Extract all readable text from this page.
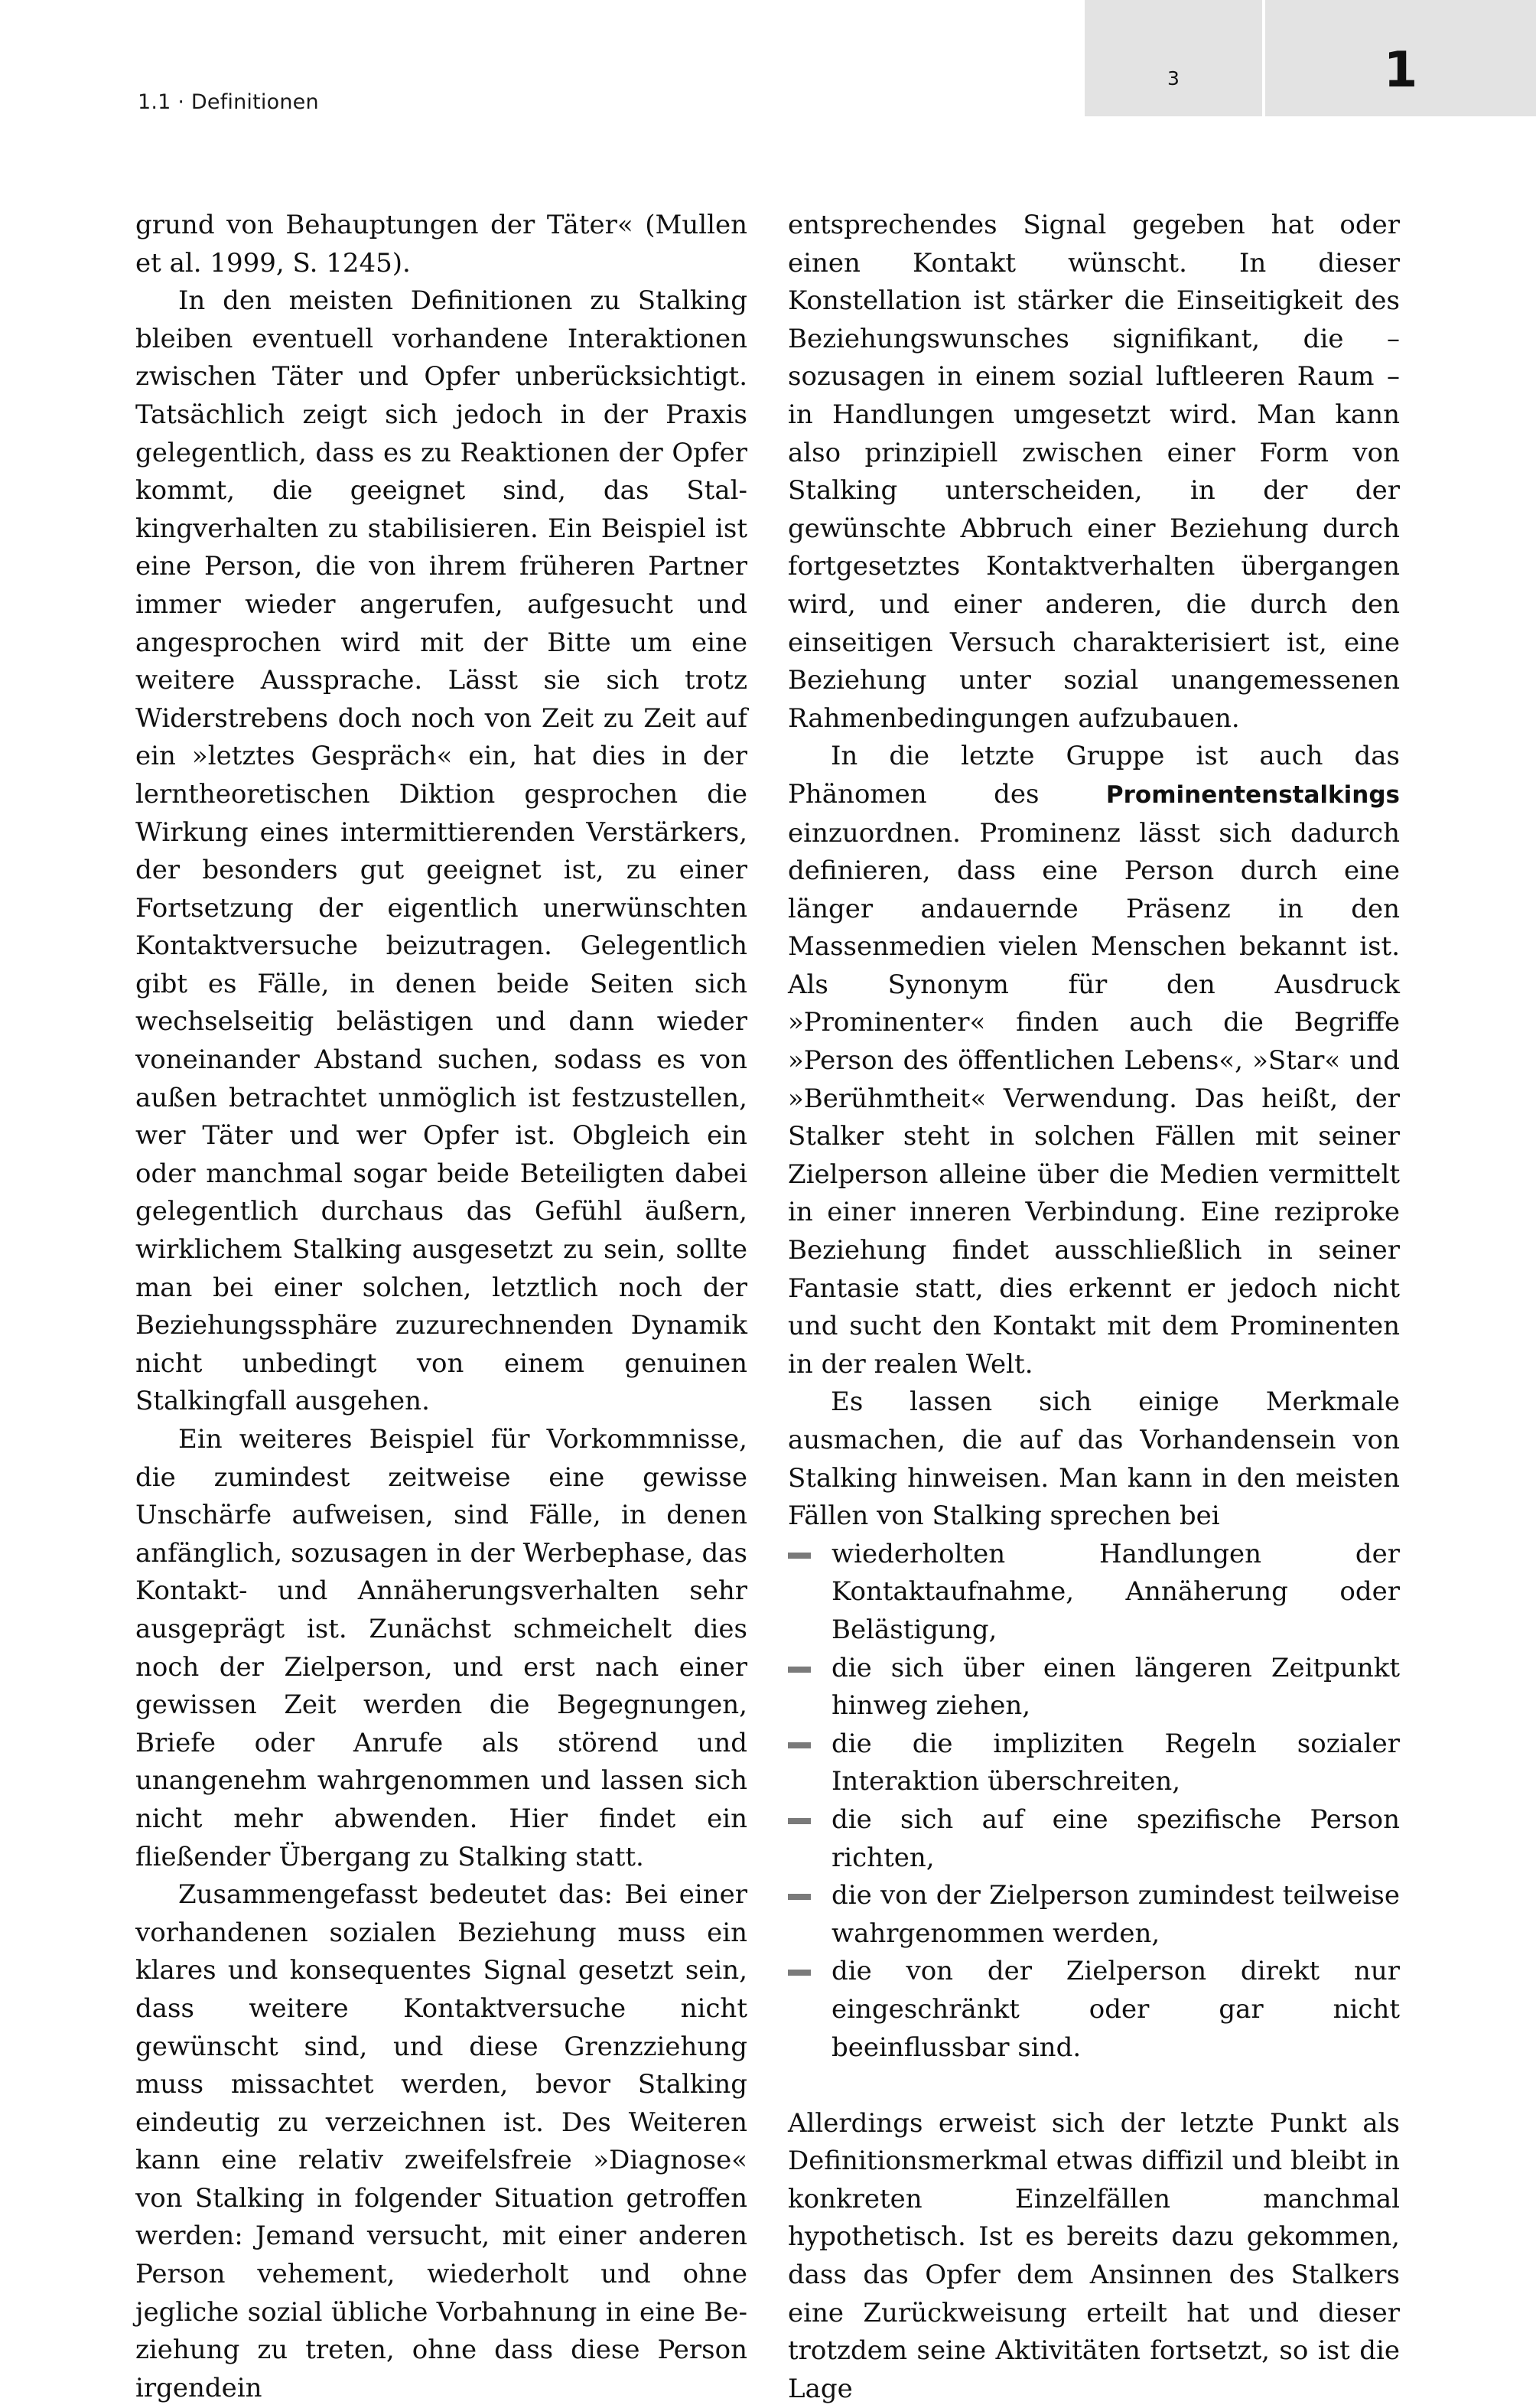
1.1 · Definitionen
3	1

grund von Behauptungen der Täter« (Mullen et al. 1999, S. 1245).

In den meisten Definitionen zu Stalking bleiben eventuell vorhandene Interaktionen zwischen Täter und Opfer unberücksichtigt. Tatsächlich zeigt sich jedoch in der Praxis gelegentlich, dass es zu Reaktionen der Opfer kommt, die geeignet sind, das Stalkingverhalten zu stabilisieren. Ein Beispiel ist eine Person, die von ihrem früheren Partner immer wieder angerufen, aufgesucht und angesprochen wird mit der Bitte um eine weitere Aussprache. Lässt sie sich trotz Widerstrebens doch noch von Zeit zu Zeit auf ein »letztes Gespräch« ein, hat dies in der lerntheoretischen Diktion gesprochen die Wirkung eines intermittierenden Verstärkers, der besonders gut geeignet ist, zu einer Fortsetzung der eigentlich unerwünschten Kontaktversuche beizutragen. Gelegentlich gibt es Fälle, in denen beide Seiten sich wechselseitig belästigen und dann wieder voneinander Abstand suchen, sodass es von außen betrachtet unmöglich ist festzustellen, wer Täter und wer Opfer ist. Obgleich ein oder manchmal sogar beide Beteiligten dabei gelegentlich durchaus das Gefühl äußern, wirklichem Stalking ausgesetzt zu sein, sollte man bei einer solchen, letztlich noch der Beziehungssphäre zuzurechnenden Dynamik nicht unbedingt von einem genuinen Stalkingfall ausgehen.

Ein weiteres Beispiel für Vorkommnisse, die zumindest zeitweise eine gewisse Unschärfe aufweisen, sind Fälle, in denen anfänglich, sozusagen in der Werbephase, das Kontakt- und Annäherungsverhalten sehr ausgeprägt ist. Zunächst schmeichelt dies noch der Zielperson, und erst nach einer gewissen Zeit werden die Begegnungen, Briefe oder Anrufe als störend und unangenehm wahrgenommen und lassen sich nicht mehr abwenden. Hier findet ein fließender Übergang zu Stalking statt.

Zusammengefasst bedeutet das: Bei einer vorhandenen sozialen Beziehung muss ein klares und konsequentes Signal gesetzt sein, dass weitere Kontaktversuche nicht gewünscht sind, und diese Grenzziehung muss missachtet werden, bevor Stalking eindeutig zu verzeichnen ist. Des Weiteren kann eine relativ zweifelsfreie »Diagnose« von Stalking in folgender Situation getroffen werden: Jemand versucht, mit einer anderen Person vehement, wiederholt und ohne jegliche sozial übliche Vorbahnung in eine Beziehung zu treten, ohne dass diese Person irgendein

entsprechendes Signal gegeben hat oder einen Kontakt wünscht. In dieser Konstellation ist stärker die Einseitigkeit des Beziehungswunsches signifikant, die – sozusagen in einem sozial luftleeren Raum – in Handlungen umgesetzt wird. Man kann also prinzipiell zwischen einer Form von Stalking unterscheiden, in der der gewünschte Abbruch einer Beziehung durch fortgesetztes Kontaktverhalten übergangen wird, und einer anderen, die durch den einseitigen Versuch charakterisiert ist, eine Beziehung unter sozial unangemessenen Rahmenbedingungen aufzubauen.

In die letzte Gruppe ist auch das Phänomen des	Prominentenstalkings einzuordnen. Prominenz lässt sich dadurch definieren, dass eine Person durch eine länger andauernde Präsenz in den Massenmedien vielen Menschen bekannt ist. Als Synonym für den Ausdruck »Prominenter« finden auch die Begriffe »Person des öffentlichen Lebens«, »Star« und »Berühmtheit« Verwendung. Das heißt, der Stalker steht in solchen Fällen mit seiner Zielperson alleine über die Medien vermittelt in einer inneren Verbindung. Eine reziproke Beziehung findet ausschließlich in seiner Fantasie statt, dies erkennt er jedoch nicht und sucht den Kontakt mit dem Prominenten in der realen Welt.

Es lassen sich einige Merkmale ausmachen, die auf das Vorhandensein von Stalking hinweisen. Man kann in den meisten Fällen von Stalking sprechen bei

wiederholten Handlungen der Kontaktaufnahme, Annäherung oder Belästigung,
die sich über einen längeren Zeitpunkt hinweg ziehen,
die die impliziten Regeln sozialer Interaktion überschreiten,
die sich auf eine spezifische Person richten,
die von der Zielperson zumindest teilweise wahrgenommen werden,
die von der Zielperson direkt nur eingeschränkt oder gar nicht beeinflussbar sind.

Allerdings erweist sich der letzte Punkt als Definitionsmerkmal etwas diffizil und bleibt in konkreten Einzelfällen manchmal hypothetisch. Ist es bereits dazu gekommen, dass das Opfer dem Ansinnen des Stalkers eine Zurückweisung erteilt hat und dieser trotzdem seine Aktivitäten fortsetzt, so ist die Lage
